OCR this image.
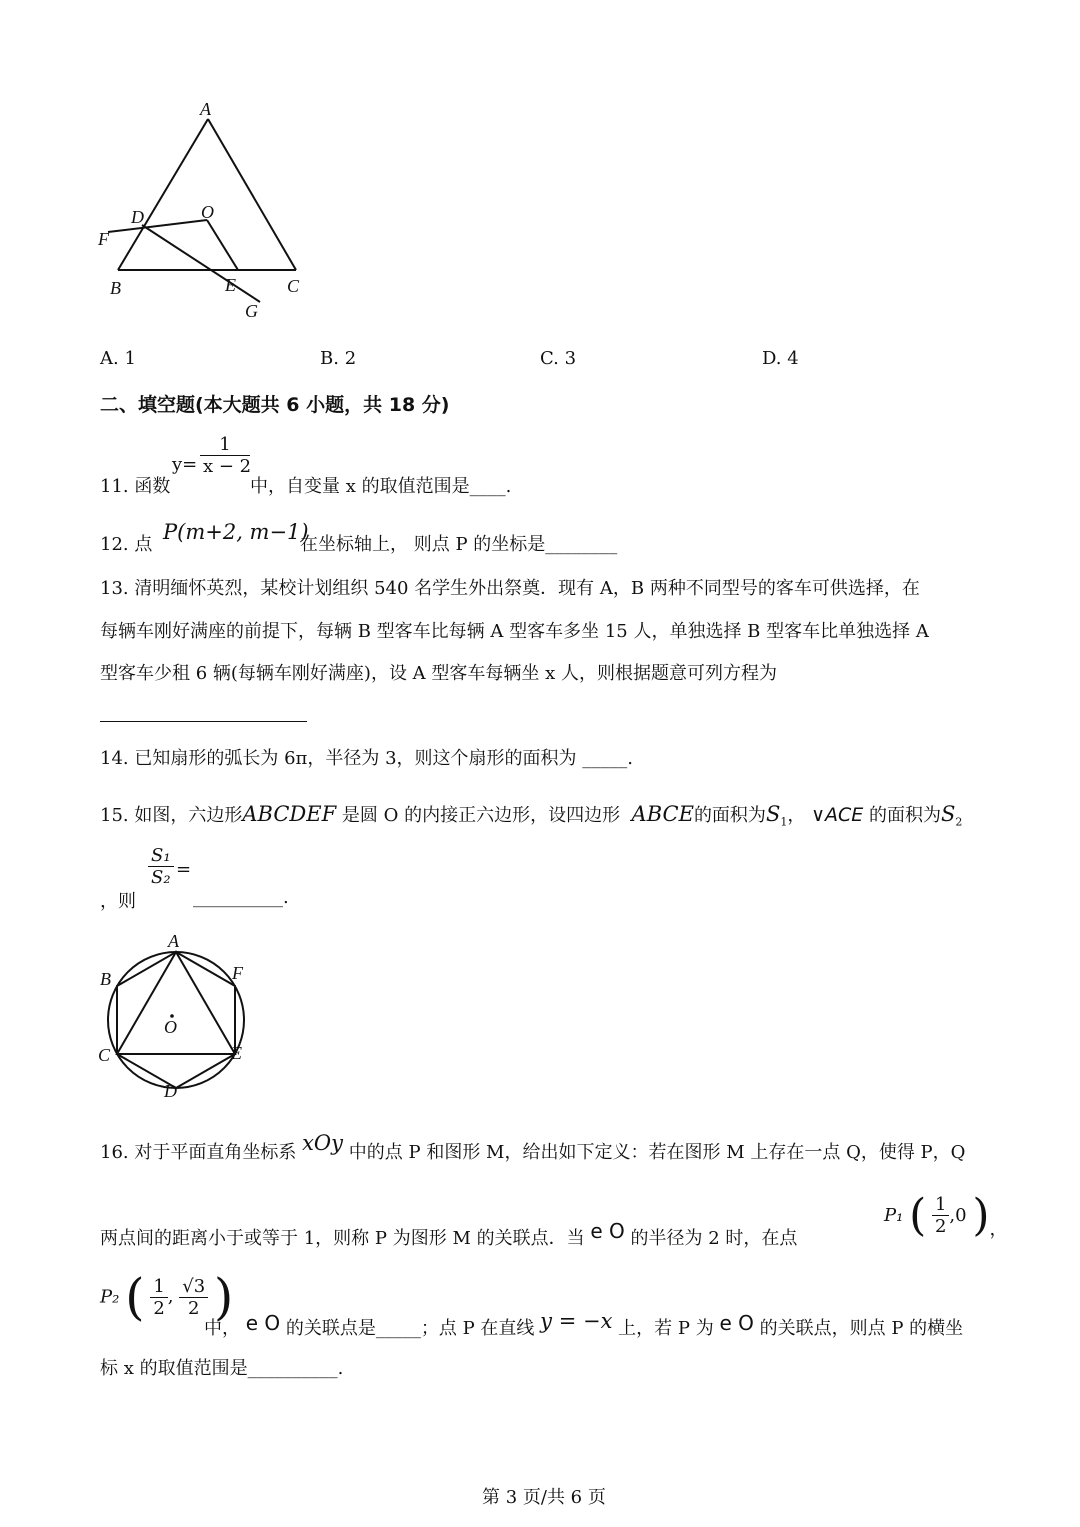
A
B	C
D
E
F
G
O
A. 1	B. 2	C. 3	D. 4
二、填空题(本大题共 6 小题，共 18 分)
11. 函数
$y= \frac{1}{x - 2}$
中，自变量 x 的取值范围是____.
12. 点
P(m+2, m−1)
在坐标轴上， 则点 P 的坐标是________
13. 清明缅怀英烈，某校计划组织 540 名学生外出祭奠．现有 A，B 两种不同型号的客车可供选择，在
每辆车刚好满座的前提下，每辆 B 型客车比每辆 A 型客车多坐 15 人，单独选择 B 型客车比单独选择 A
型客车少租 6 辆(每辆车刚好满座)，设 A 型客车每辆坐 x 人，则根据题意可列方程为
14. 已知扇形的弧长为 6π，半径为 3，则这个扇形的面积为 _____.
15. 如图，六边形ABCDEF 是圆 O 的内接正六边形，设四边形 ABCE的面积为$S_1$， ∨ACE 的面积为$S_2$
，则
$\frac{\text{S₁}}{\text{S₂}}$ =
__________.
A
B
C
D
E
F
O
16. 对于平面直角坐标系 xOy 中的点 P 和图形 M，给出如下定义：若在图形 M 上存在一点 Q，使得 P，Q
两点间的距离小于或等于 1，则称 P 为图形 M 的关联点．当 e O 的半径为 2 时，在点
P₁ ( $\frac{1}{2} ,0$ )，
P₂ ( $\frac{1}{2}$ , $\frac{√3}{2}$ )
中， e O 的关联点是_____；点 P 在直线 y = −x 上，若 P 为 e O 的关联点，则点 P 的横坐
标 x 的取值范围是__________.
第 3 页/共 6 页
